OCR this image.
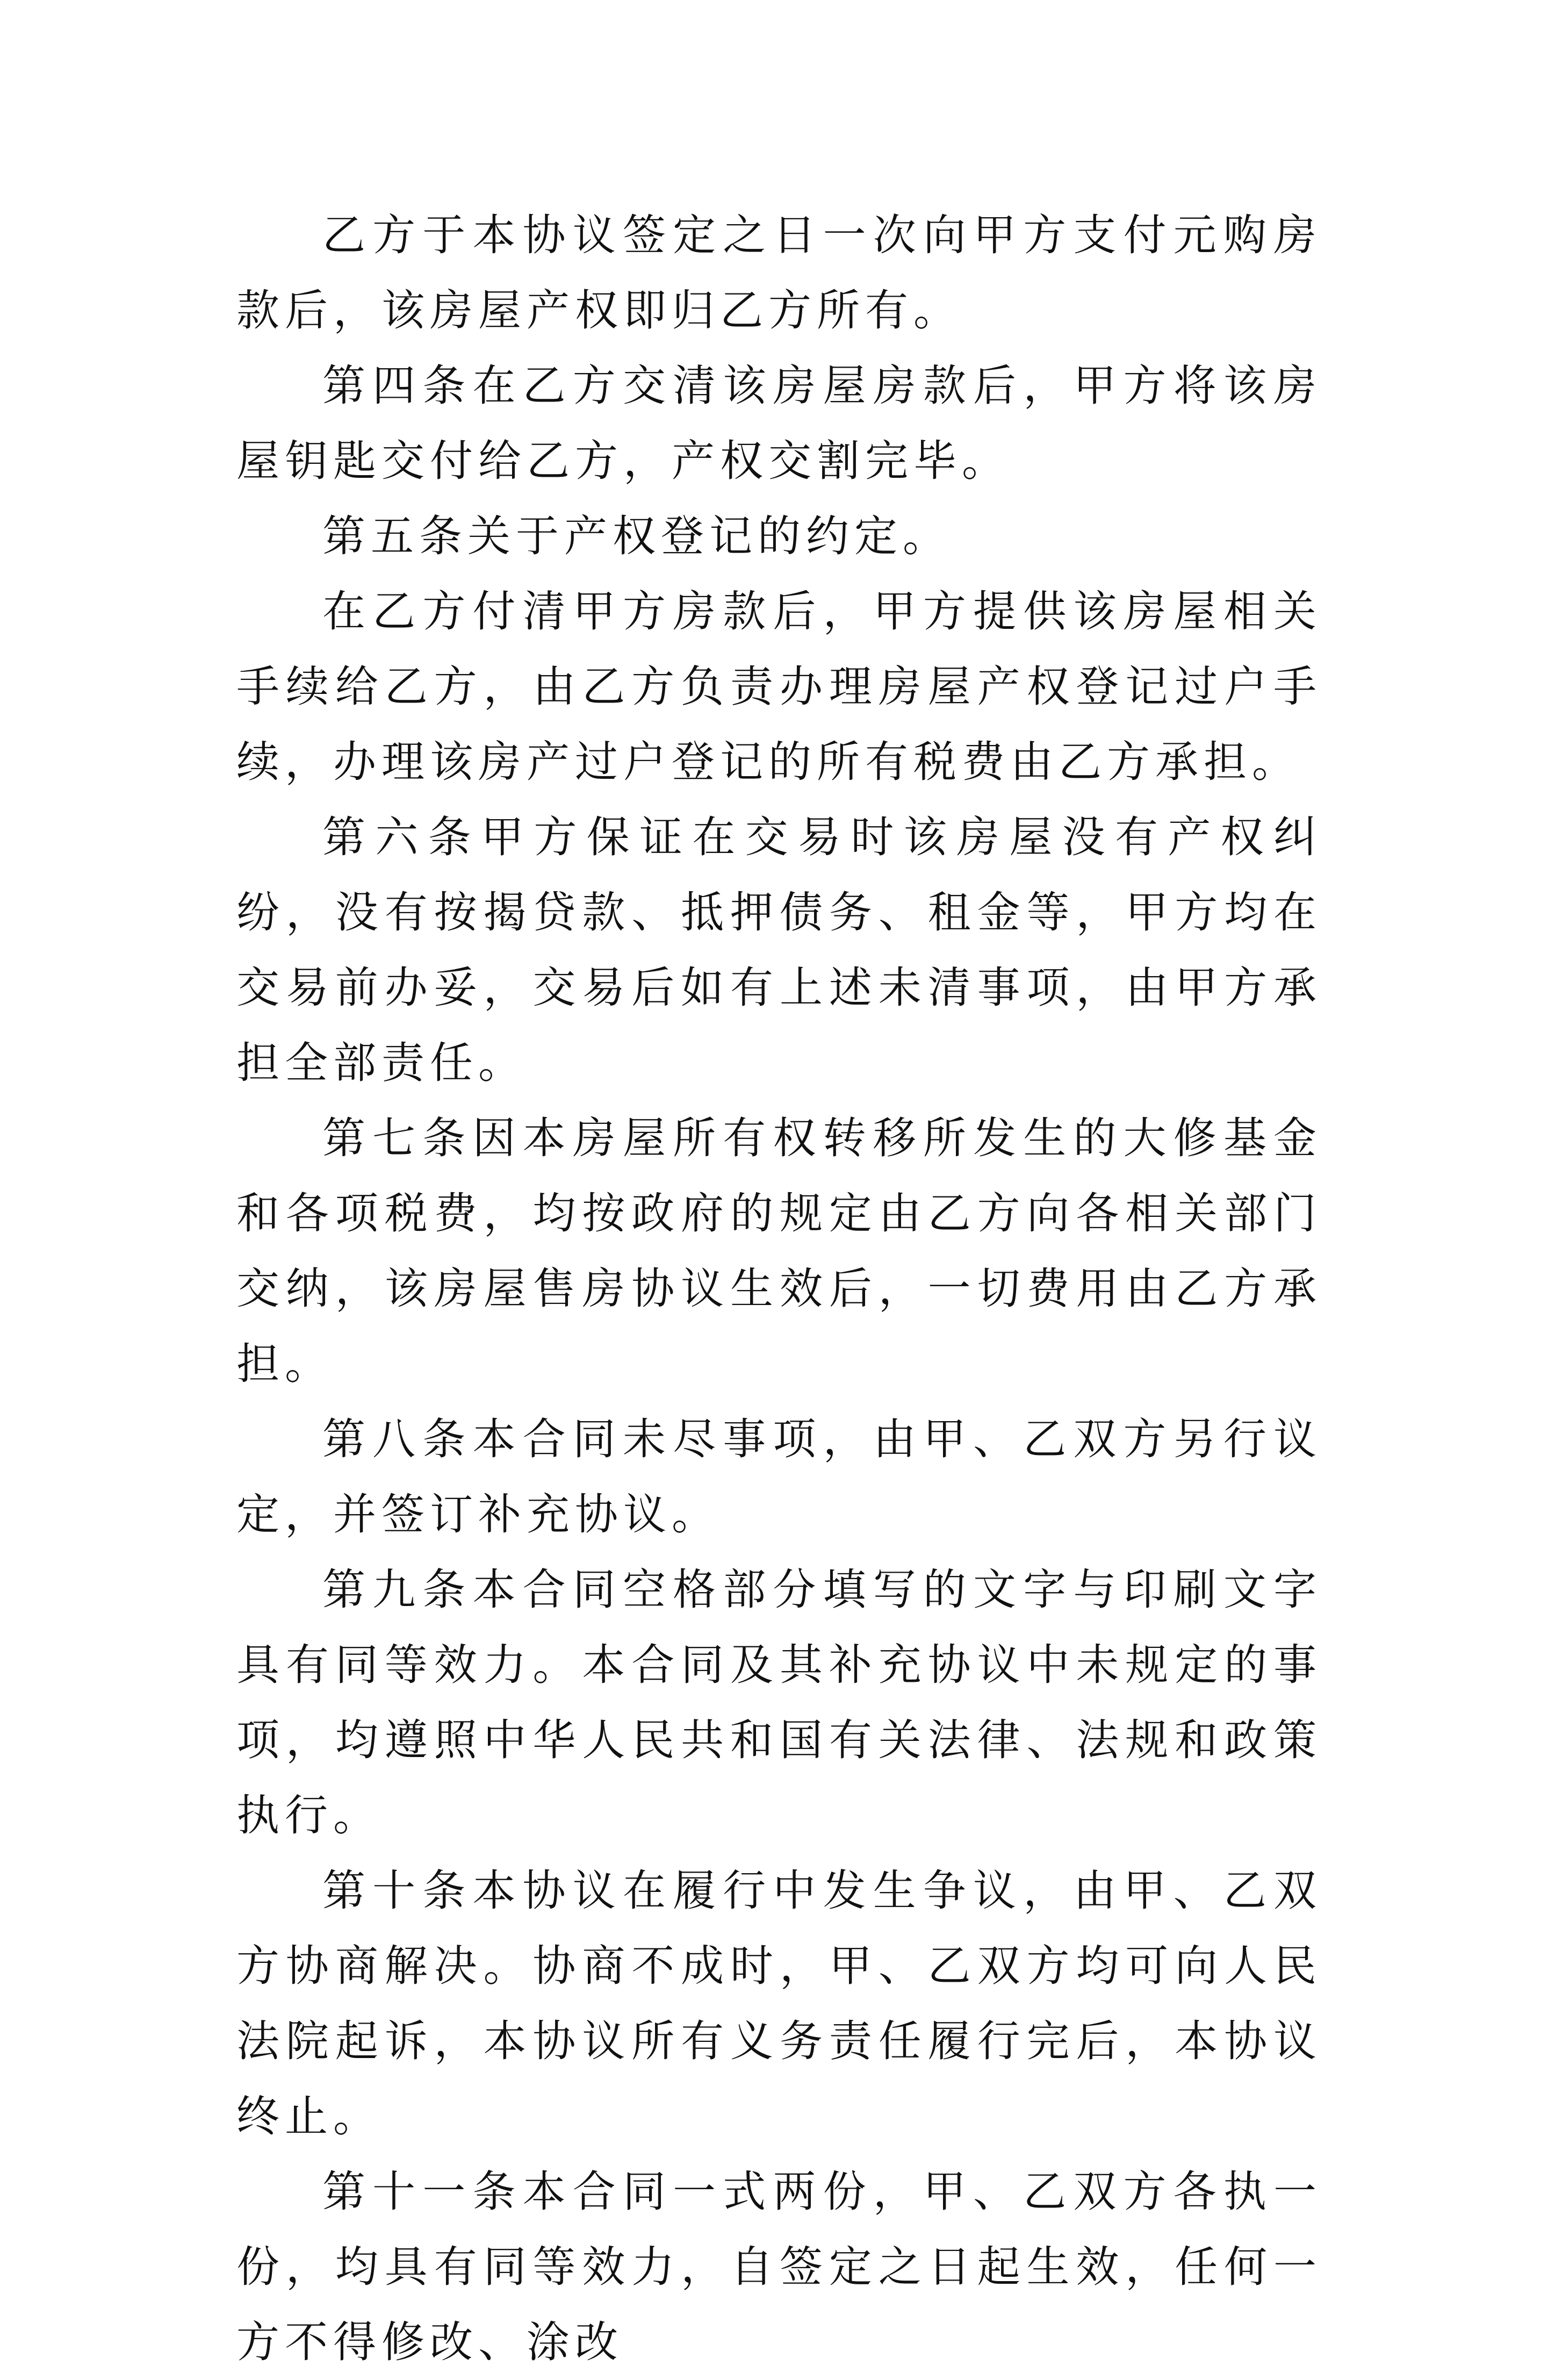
乙方于本协议签定之日一次向甲方支付元购房款后，该房屋产权即归乙方所有。

第四条在乙方交清该房屋房款后，甲方将该房屋钥匙交付给乙方，产权交割完毕。

第五条关于产权登记的约定。

在乙方付清甲方房款后，甲方提供该房屋相关手续给乙方，由乙方负责办理房屋产权登记过户手续，办理该房产过户登记的所有税费由乙方承担。

第六条甲方保证在交易时该房屋没有产权纠纷，没有按揭贷款、抵押债务、租金等，甲方均在交易前办妥，交易后如有上述未清事项，由甲方承担全部责任。

第七条因本房屋所有权转移所发生的大修基金和各项税费，均按政府的规定由乙方向各相关部门交纳，该房屋售房协议生效后，一切费用由乙方承担。

第八条本合同未尽事项，由甲、乙双方另行议定，并签订补充协议。

第九条本合同空格部分填写的文字与印刷文字具有同等效力。本合同及其补充协议中未规定的事项，均遵照中华人民共和国有关法律、法规和政策执行。

第十条本协议在履行中发生争议，由甲、乙双方协商解决。协商不成时，甲、乙双方均可向人民法院起诉，本协议所有义务责任履行完后，本协议终止。

第十一条本合同一式两份，甲、乙双方各执一份，均具有同等效力，自签定之日起生效，任何一方不得修改、涂改
